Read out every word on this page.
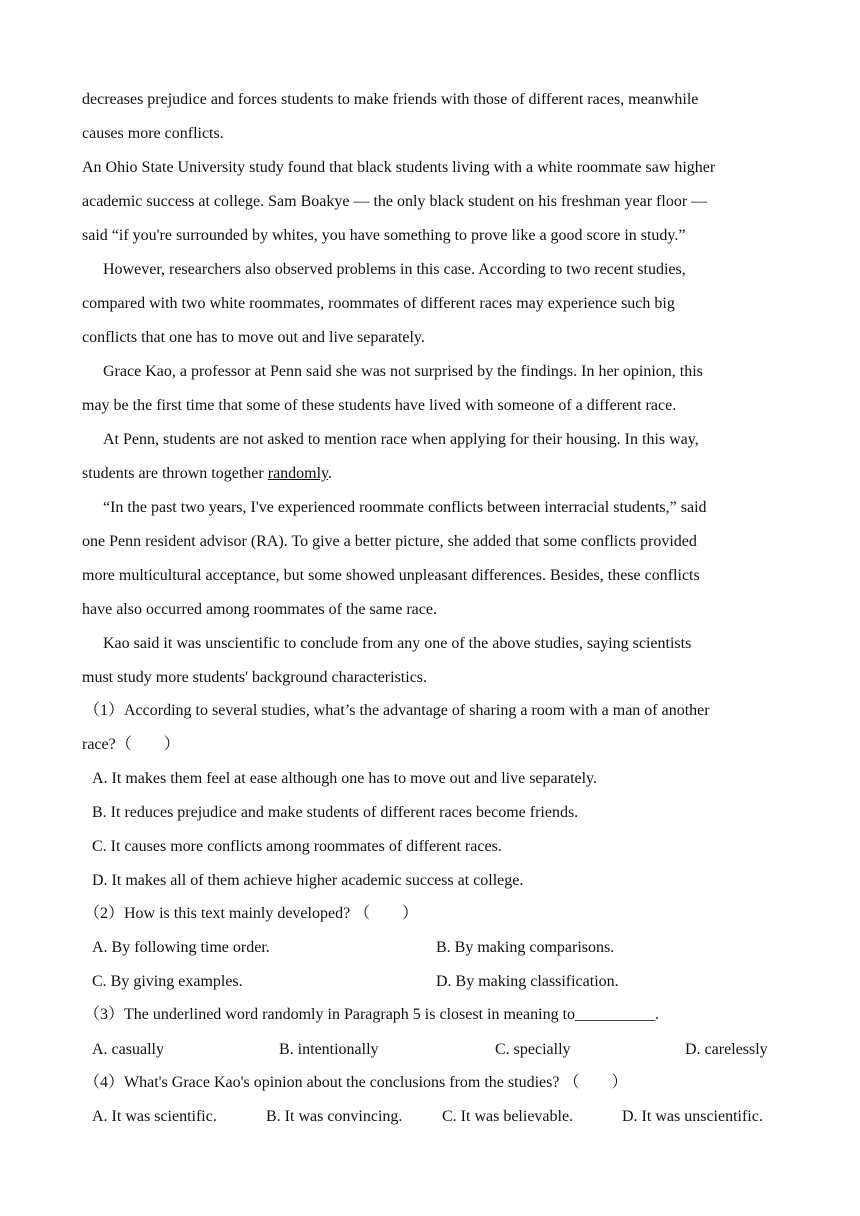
decreases prejudice and forces students to make friends with those of different races, meanwhile
causes more conflicts.
An Ohio State University study found that black students living with a white roommate saw higher
academic success at college. Sam Boakye — the only black student on his freshman year floor —
said “if you're surrounded by whites, you have something to prove like a good score in study.”
However, researchers also observed problems in this case. According to two recent studies,
compared with two white roommates, roommates of different races may experience such big
conflicts that one has to move out and live separately.
Grace Kao, a professor at Penn said she was not surprised by the findings. In her opinion, this
may be the first time that some of these students have lived with someone of a different race.
At Penn, students are not asked to mention race when applying for their housing. In this way,
students are thrown together randomly.
“In the past two years, I've experienced roommate conflicts between interracial students,” said
one Penn resident advisor (RA). To give a better picture, she added that some conflicts provided
more multicultural acceptance, but some showed unpleasant differences. Besides, these conflicts
have also occurred among roommates of the same race.
Kao said it was unscientific to conclude from any one of the above studies, saying scientists
must study more students' background characteristics.
（1）According to several studies, what’s the advantage of sharing a room with a man of another
race?（　　）
A. It makes them feel at ease although one has to move out and live separately.
B. It reduces prejudice and make students of different races become friends.
C. It causes more conflicts among roommates of different races.
D. It makes all of them achieve higher academic success at college.
（2）How is this text mainly developed? （　　）
A. By following time order.	B. By making comparisons.
C. By giving examples.	D. By making classification.
（3）The underlined word randomly in Paragraph 5 is closest in meaning to__________.
A. casually	B. intentionally	C. specially	D. carelessly
（4）What's Grace Kao's opinion about the conclusions from the studies? （　　）
A. It was scientific.	B. It was convincing. C. It was believable.	D. It was unscientific.
